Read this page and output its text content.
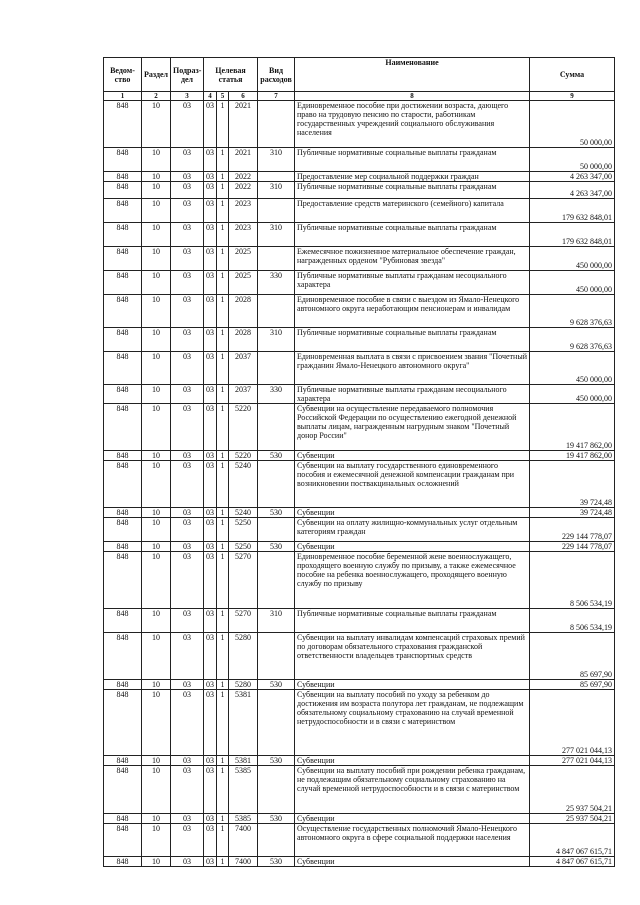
Ведом-ство	Раздел	Подраз-дел	Целевая статья			Вид расходов	Наименование	Сумма
1	2	3	4	5	6	7	8	9
848	10	03	03	1	2021		Единовременное пособие при достижении возраста, дающего право на трудовую пенсию по старости, работникам государственных учреждений социального обслуживания населения	50 000,00
848	10	03	03	1	2021	310	Публичные нормативные социальные выплаты гражданам	50 000,00
848	10	03	03	1	2022		Предоставление мер социальной поддержки граждан	4 263 347,00
848	10	03	03	1	2022	310	Публичные нормативные социальные выплаты гражданам	4 263 347,00
848	10	03	03	1	2023		Предоставление средств материнского (семейного) капитала	179 632 848,01
848	10	03	03	1	2023	310	Публичные нормативные социальные выплаты гражданам	179 632 848,01
848	10	03	03	1	2025		Ежемесячное пожизненное материальное обеспечение граждан, награжденных орденом "Рубиновая звезда"	450 000,00
848	10	03	03	1	2025	330	Публичные нормативные выплаты гражданам несоциального характера	450 000,00
848	10	03	03	1	2028		Единовременное пособие в связи с выездом из Ямало-Ненецкого автономного округа неработающим пенсионерам и инвалидам	9 628 376,63
848	10	03	03	1	2028	310	Публичные нормативные социальные выплаты гражданам	9 628 376,63
848	10	03	03	1	2037		Единовременная выплата в связи с присвоением звания "Почетный гражданин Ямало-Ненецкого автономного округа"	450 000,00
848	10	03	03	1	2037	330	Публичные нормативные выплаты гражданам несоциального характера	450 000,00
848	10	03	03	1	5220		Субвенции на осуществление передаваемого полномочия Российской Федерации по осуществлению ежегодной денежной выплаты лицам, награжденным нагрудным знаком "Почетный донор России"	19 417 862,00
848	10	03	03	1	5220	530	Субвенции	19 417 862,00
848	10	03	03	1	5240		Субвенции на выплату государственного единовременного пособия и ежемесячной денежной компенсации гражданам при возникновении поствакцинальных осложнений	39 724,48
848	10	03	03	1	5240	530	Субвенции	39 724,48
848	10	03	03	1	5250		Субвенции на оплату жилищно-коммунальных услуг отдельным категориям граждан	229 144 778,07
848	10	03	03	1	5250	530	Субвенции	229 144 778,07
848	10	03	03	1	5270		Единовременное пособие беременной жене военнослужащего, проходящего военную службу по призыву, а также ежемесячное пособие на ребенка военнослужащего, проходящего военную службу по призыву	8 506 534,19
848	10	03	03	1	5270	310	Публичные нормативные социальные выплаты гражданам	8 506 534,19
848	10	03	03	1	5280		Субвенции на выплату инвалидам компенсаций страховых премий по договорам обязательного страхования гражданской ответственности владельцев транспортных средств	85 697,90
848	10	03	03	1	5280	530	Субвенции	85 697,90
848	10	03	03	1	5381		Субвенции на выплату пособий по уходу за ребенком до достижения им возраста полутора лет гражданам, не подлежащим обязательному социальному страхованию на случай временной нетрудоспособности и в связи с материнством	277 021 044,13
848	10	03	03	1	5381	530	Субвенции	277 021 044,13
848	10	03	03	1	5385		Субвенции на выплату пособий при рождении ребенка гражданам, не подлежащим обязательному социальному страхованию на случай временной нетрудоспособности и в связи с материнством	25 937 504,21
848	10	03	03	1	5385	530	Субвенции	25 937 504,21
848	10	03	03	1	7400		Осуществление государственных полномочий Ямало-Ненецкого автономного округа в сфере социальной поддержки населения	4 847 067 615,71
848	10	03	03	1	7400	530	Субвенции	4 847 067 615,71
